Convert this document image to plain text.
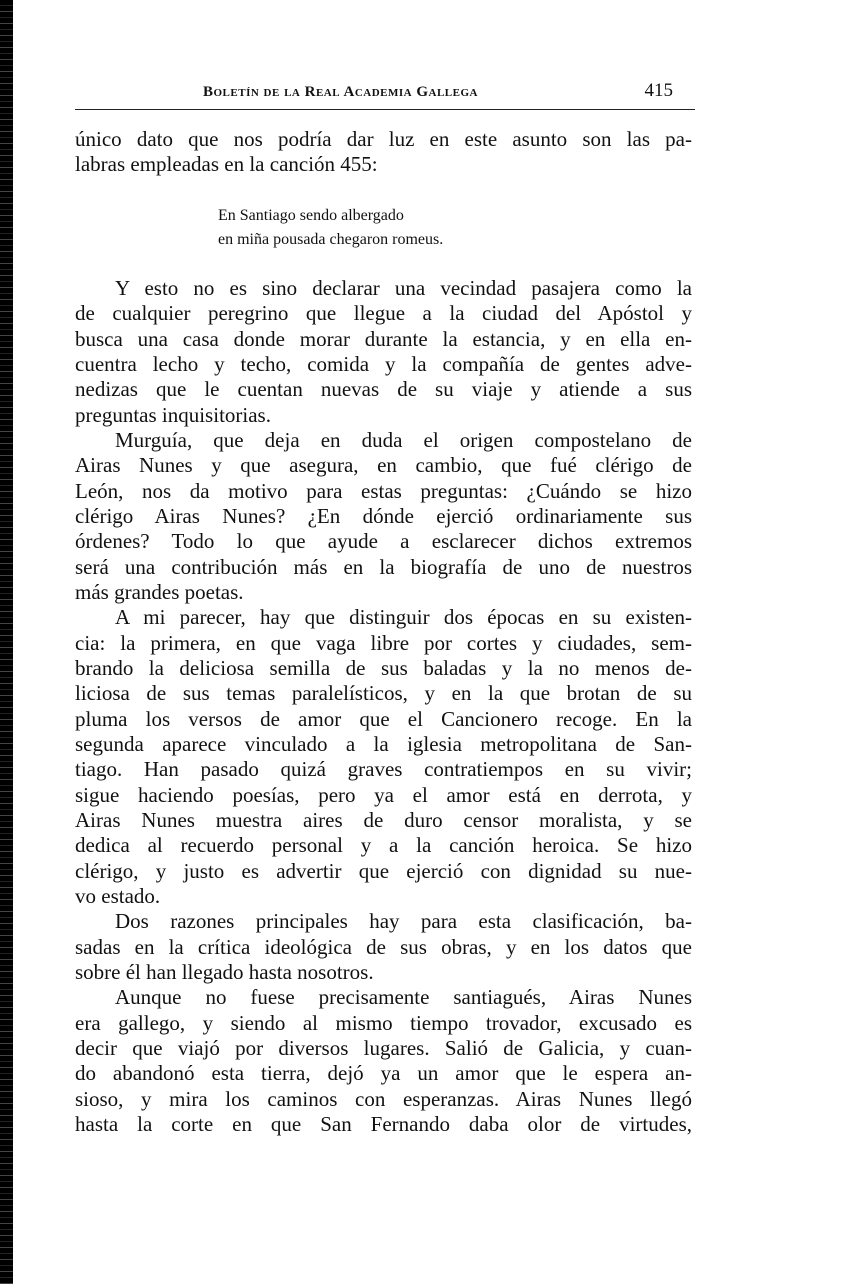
Boletín de la Real Academia Gallega	415
único dato que nos podría dar luz en este asunto son las pa-
labras empleadas en la canción 455:
En Santiago sendo albergado
en miña pousada chegaron romeus.
Y esto no es sino declarar una vecindad pasajera como la
de cualquier peregrino que llegue a la ciudad del Apóstol y
busca una casa donde morar durante la estancia, y en ella en-
cuentra lecho y techo, comida y la compañía de gentes adve-
nedizas que le cuentan nuevas de su viaje y atiende a sus
preguntas inquisitorias.
Murguía, que deja en duda el origen compostelano de
Airas Nunes y que asegura, en cambio, que fué clérigo de
León, nos da motivo para estas preguntas: ¿Cuándo se hizo
clérigo Airas Nunes? ¿En dónde ejerció ordinariamente sus
órdenes? Todo lo que ayude a esclarecer dichos extremos
será una contribución más en la biografía de uno de nuestros
más grandes poetas.
A mi parecer, hay que distinguir dos épocas en su existen-
cia: la primera, en que vaga libre por cortes y ciudades, sem-
brando la deliciosa semilla de sus baladas y la no menos de-
liciosa de sus temas paralelísticos, y en la que brotan de su
pluma los versos de amor que el Cancionero recoge. En la
segunda aparece vinculado a la iglesia metropolitana de San-
tiago. Han pasado quizá graves contratiempos en su vivir;
sigue haciendo poesías, pero ya el amor está en derrota, y
Airas Nunes muestra aires de duro censor moralista, y se
dedica al recuerdo personal y a la canción heroica. Se hizo
clérigo, y justo es advertir que ejerció con dignidad su nue-
vo estado.
Dos razones principales hay para esta clasificación, ba-
sadas en la crítica ideológica de sus obras, y en los datos que
sobre él han llegado hasta nosotros.
Aunque no fuese precisamente santiagués, Airas Nunes
era gallego, y siendo al mismo tiempo trovador, excusado es
decir que viajó por diversos lugares. Salió de Galicia, y cuan-
do abandonó esta tierra, dejó ya un amor que le espera an-
sioso, y mira los caminos con esperanzas. Airas Nunes llegó
hasta la corte en que San Fernando daba olor de virtudes,
